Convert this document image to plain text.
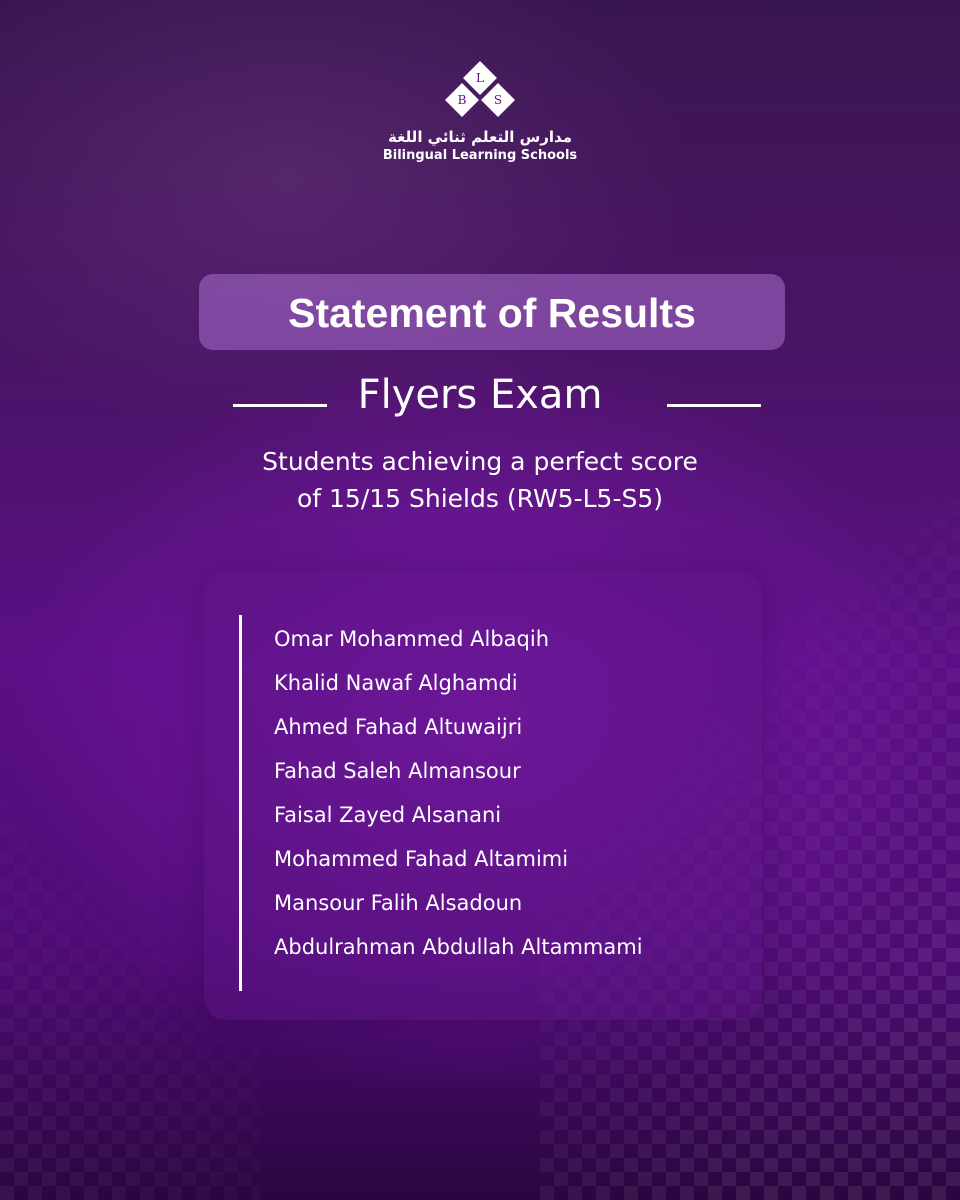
L
B	S
مدارس التعلم ثنائي اللغة
Bilingual Learning Schools
Statement of Results
Flyers Exam
Students achieving a perfect score
of 15/15 Shields (RW5-L5-S5)
Omar Mohammed Albaqih
Khalid Nawaf Alghamdi
Ahmed Fahad Altuwaijri
Fahad Saleh Almansour
Faisal Zayed Alsanani
Mohammed Fahad Altamimi
Mansour Falih Alsadoun
Abdulrahman Abdullah Altammami
